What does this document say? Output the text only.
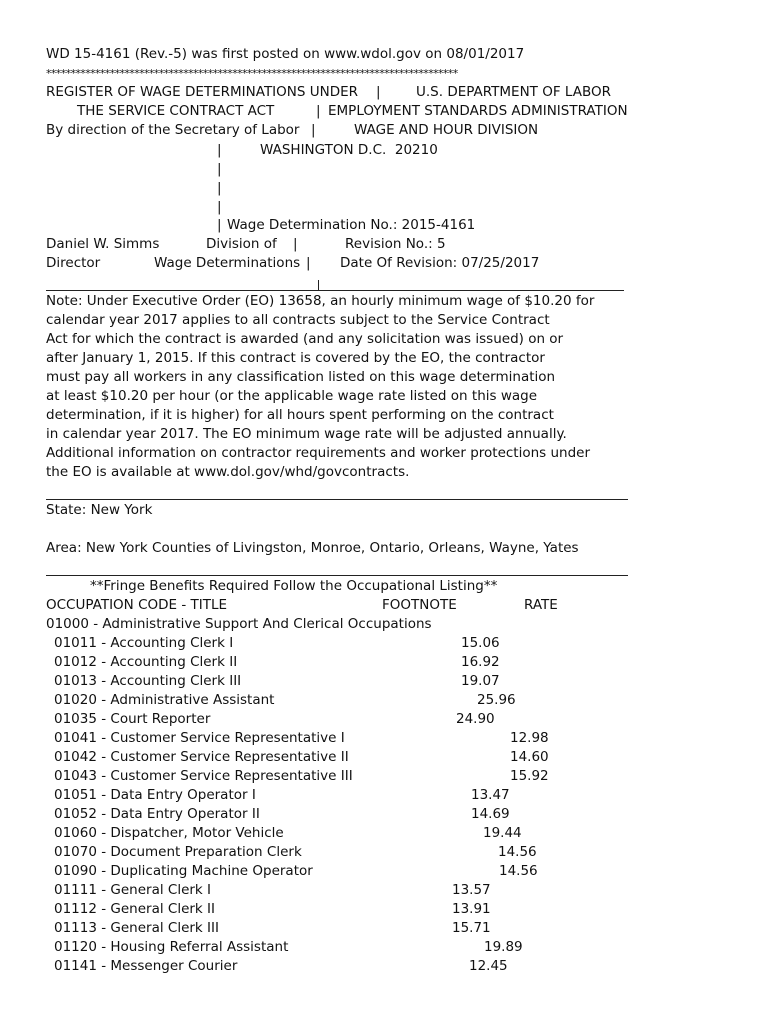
WD 15-4161 (Rev.-5) was first posted on www.wdol.gov on 08/01/2017
************************************************************************************
REGISTER OF WAGE DETERMINATIONS UNDER |	U.S. DEPARTMENT OF LABOR
THE SERVICE CONTRACT ACT	| EMPLOYMENT STANDARDS ADMINISTRATION
By direction of the Secretary of Labor |	WAGE AND HOUR DIVISION
|	WASHINGTON D.C.  20210
|
|
|
| Wage Determination No.: 2015-4161
Daniel W. Simms	Division of |	Revision No.: 5
Director	Wage Determinations | Date Of Revision: 07/25/2017
Note: Under Executive Order (EO) 13658, an hourly minimum wage of $10.20 for
calendar year 2017 applies to all contracts subject to the Service Contract
Act for which the contract is awarded (and any solicitation was issued) on or
after January 1, 2015. If this contract is covered by the EO, the contractor
must pay all workers in any classification listed on this wage determination
at least $10.20 per hour (or the applicable wage rate listed on this wage
determination, if it is higher) for all hours spent performing on the contract
in calendar year 2017. The EO minimum wage rate will be adjusted annually.
Additional information on contractor requirements and worker protections under
the EO is available at www.dol.gov/whd/govcontracts.
State: New York
Area: New York Counties of Livingston, Monroe, Ontario, Orleans, Wayne, Yates
**Fringe Benefits Required Follow the Occupational Listing**
OCCUPATION CODE - TITLE	FOOTNOTE	RATE
01000 - Administrative Support And Clerical Occupations
01011 - Accounting Clerk I	15.06
01012 - Accounting Clerk II	16.92
01013 - Accounting Clerk III	19.07
01020 - Administrative Assistant	25.96
01035 - Court Reporter	24.90
01041 - Customer Service Representative I	12.98
01042 - Customer Service Representative II	14.60
01043 - Customer Service Representative III	15.92
01051 - Data Entry Operator I	13.47
01052 - Data Entry Operator II	14.69
01060 - Dispatcher, Motor Vehicle	19.44
01070 - Document Preparation Clerk	14.56
01090 - Duplicating Machine Operator	14.56
01111 - General Clerk I	13.57
01112 - General Clerk II	13.91
01113 - General Clerk III	15.71
01120 - Housing Referral Assistant	19.89
01141 - Messenger Courier	12.45
